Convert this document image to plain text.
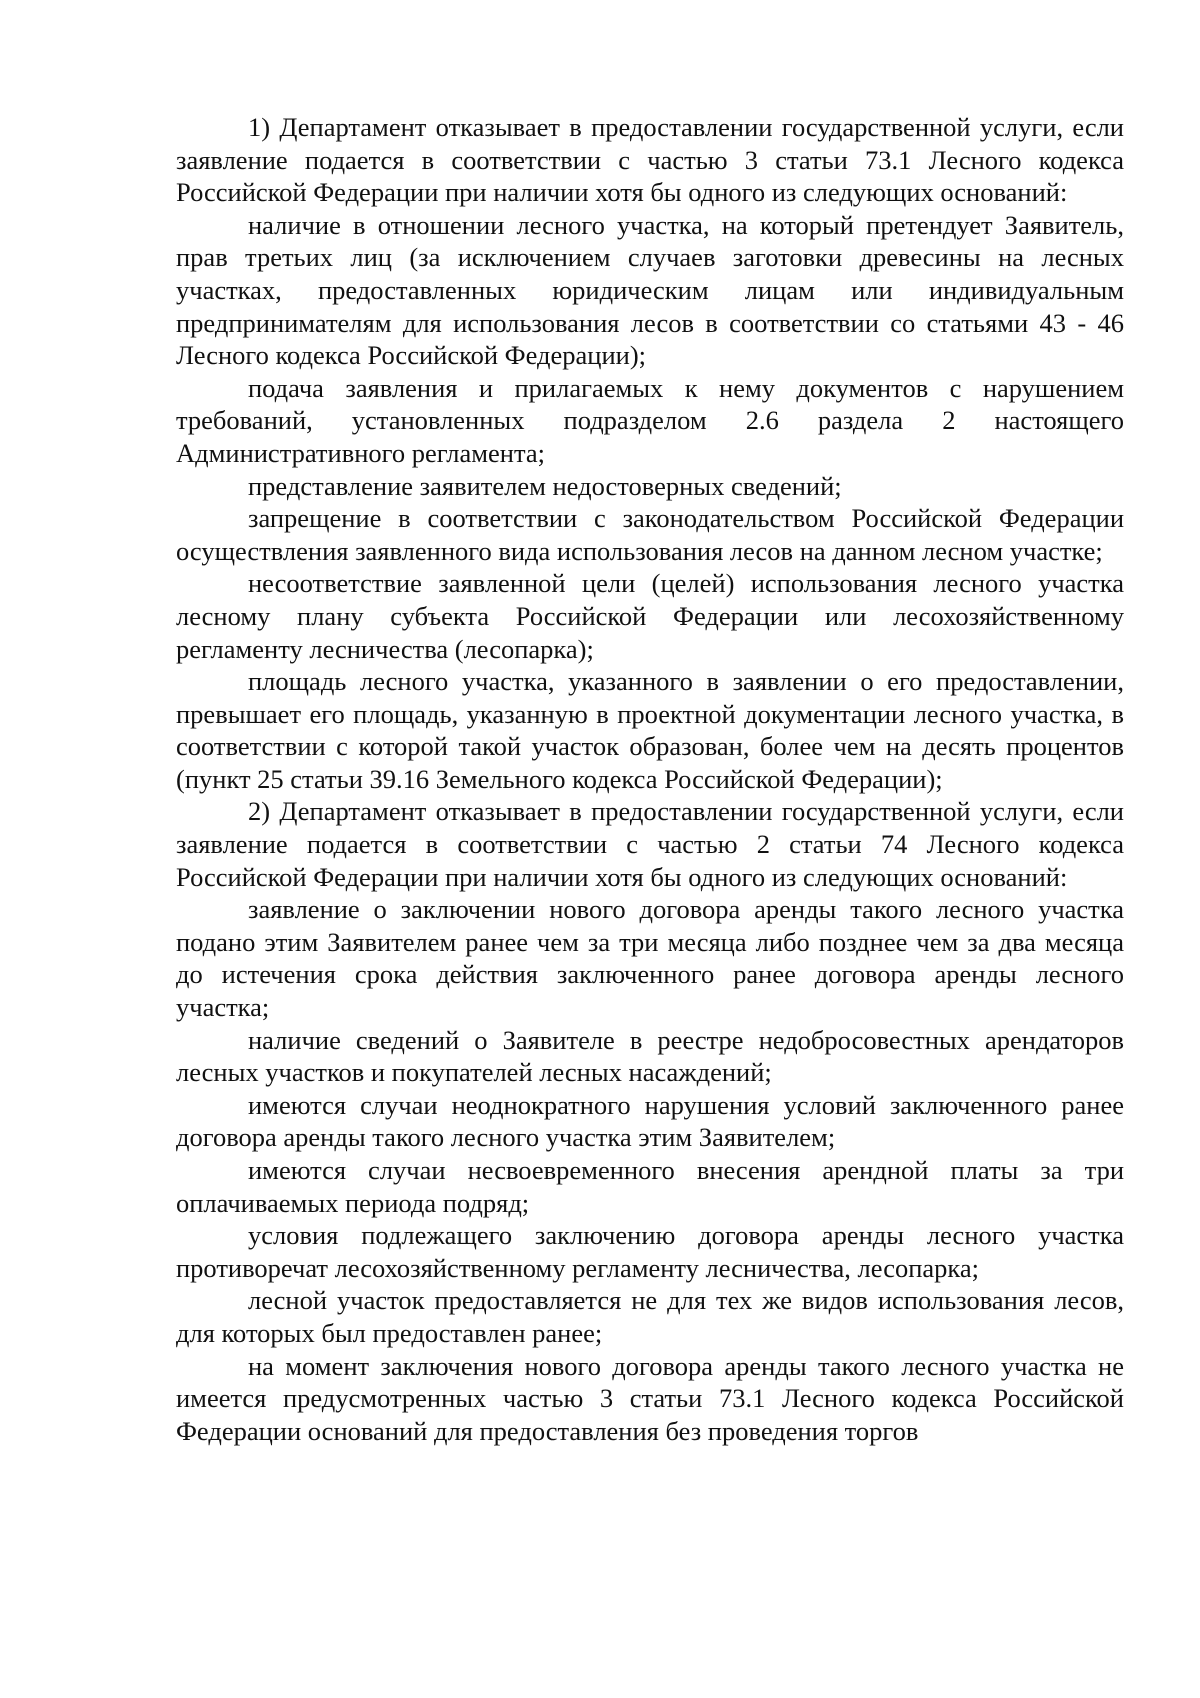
1) Департамент отказывает в предоставлении государственной услуги, если заявление подается в соответствии с частью 3 статьи 73.1 Лесного кодекса Российской Федерации при наличии хотя бы одного из следующих оснований:

наличие в отношении лесного участка, на который претендует Заявитель, прав третьих лиц (за исключением случаев заготовки древесины на лесных участках, предоставленных юридическим лицам или индивидуальным предпринимателям для использования лесов в соответствии со статьями 43 - 46 Лесного кодекса Российской Федерации);

подача заявления и прилагаемых к нему документов с нарушением требований, установленных подразделом 2.6 раздела 2 настоящего Административного регламента;

представление заявителем недостоверных сведений;

запрещение в соответствии с законодательством Российской Федерации осуществления заявленного вида использования лесов на данном лесном участке;

несоответствие заявленной цели (целей) использования лесного участка лесному плану субъекта Российской Федерации или лесохозяйственному регламенту лесничества (лесопарка);

площадь лесного участка, указанного в заявлении о его предоставлении, превышает его площадь, указанную в проектной документации лесного участка, в соответствии с которой такой участок образован, более чем на десять процентов (пункт 25 статьи 39.16 Земельного кодекса Российской Федерации);

2) Департамент отказывает в предоставлении государственной услуги, если заявление подается в соответствии с частью 2 статьи 74 Лесного кодекса Российской Федерации при наличии хотя бы одного из следующих оснований:

заявление о заключении нового договора аренды такого лесного участка подано этим Заявителем ранее чем за три месяца либо позднее чем за два месяца до истечения срока действия заключенного ранее договора аренды лесного участка;

наличие сведений о Заявителе в реестре недобросовестных арендаторов лесных участков и покупателей лесных насаждений;

имеются случаи неоднократного нарушения условий заключенного ранее договора аренды такого лесного участка этим Заявителем;

имеются случаи несвоевременного внесения арендной платы за три оплачиваемых периода подряд;

условия подлежащего заключению договора аренды лесного участка противоречат лесохозяйственному регламенту лесничества, лесопарка;

лесной участок предоставляется не для тех же видов использования лесов, для которых был предоставлен ранее;

на момент заключения нового договора аренды такого лесного участка не имеется предусмотренных частью 3 статьи 73.1 Лесного кодекса Российской Федерации оснований для предоставления без проведения торгов
